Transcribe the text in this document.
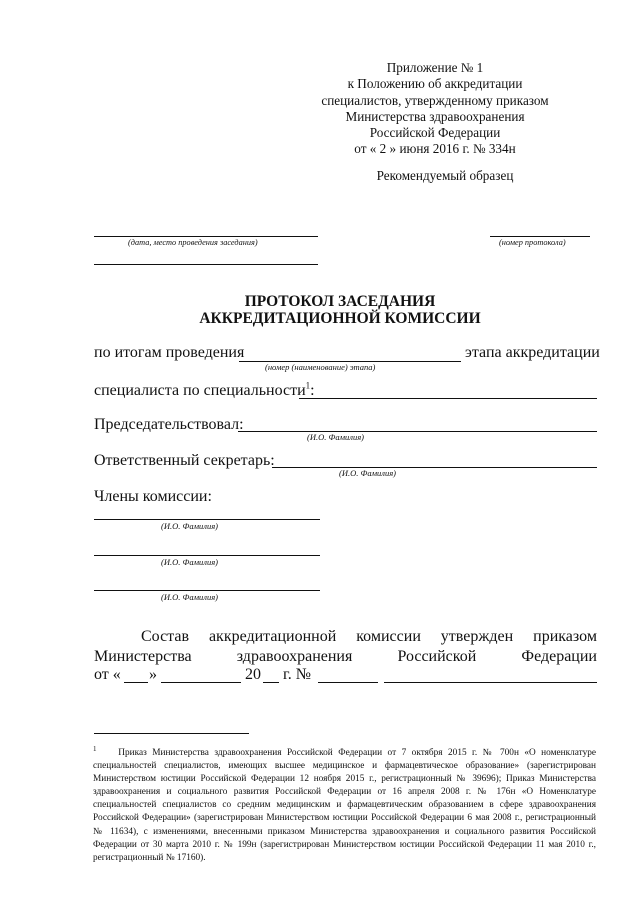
Приложение № 1
к Положению об аккредитации
специалистов, утвержденному приказом
Министерства здравоохранения
Российской Федерации
от « 2 » июня 2016 г. № 334н
Рекомендуемый образец
(дата, место проведения заседания)	(номер протокола)
ПРОТОКОЛ ЗАСЕДАНИЯ
АККРЕДИТАЦИОННОЙ КОМИССИИ
по итогам проведения
(номер (наименование) этапа)
этапа аккредитации
специалиста по специальности$^1$:
Председательствовал:
(И.О. Фамилия)
Ответственный секретарь:
(И.О. Фамилия)
Члены комиссии:
(И.О. Фамилия)
(И.О. Фамилия)
(И.О. Фамилия)
Состав аккредитационной комиссии утвержден приказом
Министерства	здравоохранения	Российской	Федерации
от « »	20 г. №
$^1$ Приказ Министерства здравоохранения Российской Федерации от 7 октября 2015 г. № 700н «О номенклатуре специальностей специалистов, имеющих высшее медицинское и фармацевтическое образование» (зарегистрирован Министерством юстиции Российской Федерации 12 ноября 2015 г., регистрационный № 39696); Приказ Министерства здравоохранения и социального развития Российской Федерации от 16 апреля 2008 г. № 176н «О Номенклатуре специальностей специалистов со средним медицинским и фармацевтическим образованием в сфере здравоохранения Российской Федерации» (зарегистрирован Министерством юстиции Российской Федерации 6 мая 2008 г., регистрационный № 11634), с изменениями, внесенными приказом Министерства здравоохранения и социального развития Российской Федерации от 30 марта 2010 г. № 199н (зарегистрирован Министерством юстиции Российской Федерации 11 мая 2010 г., регистрационный № 17160).
